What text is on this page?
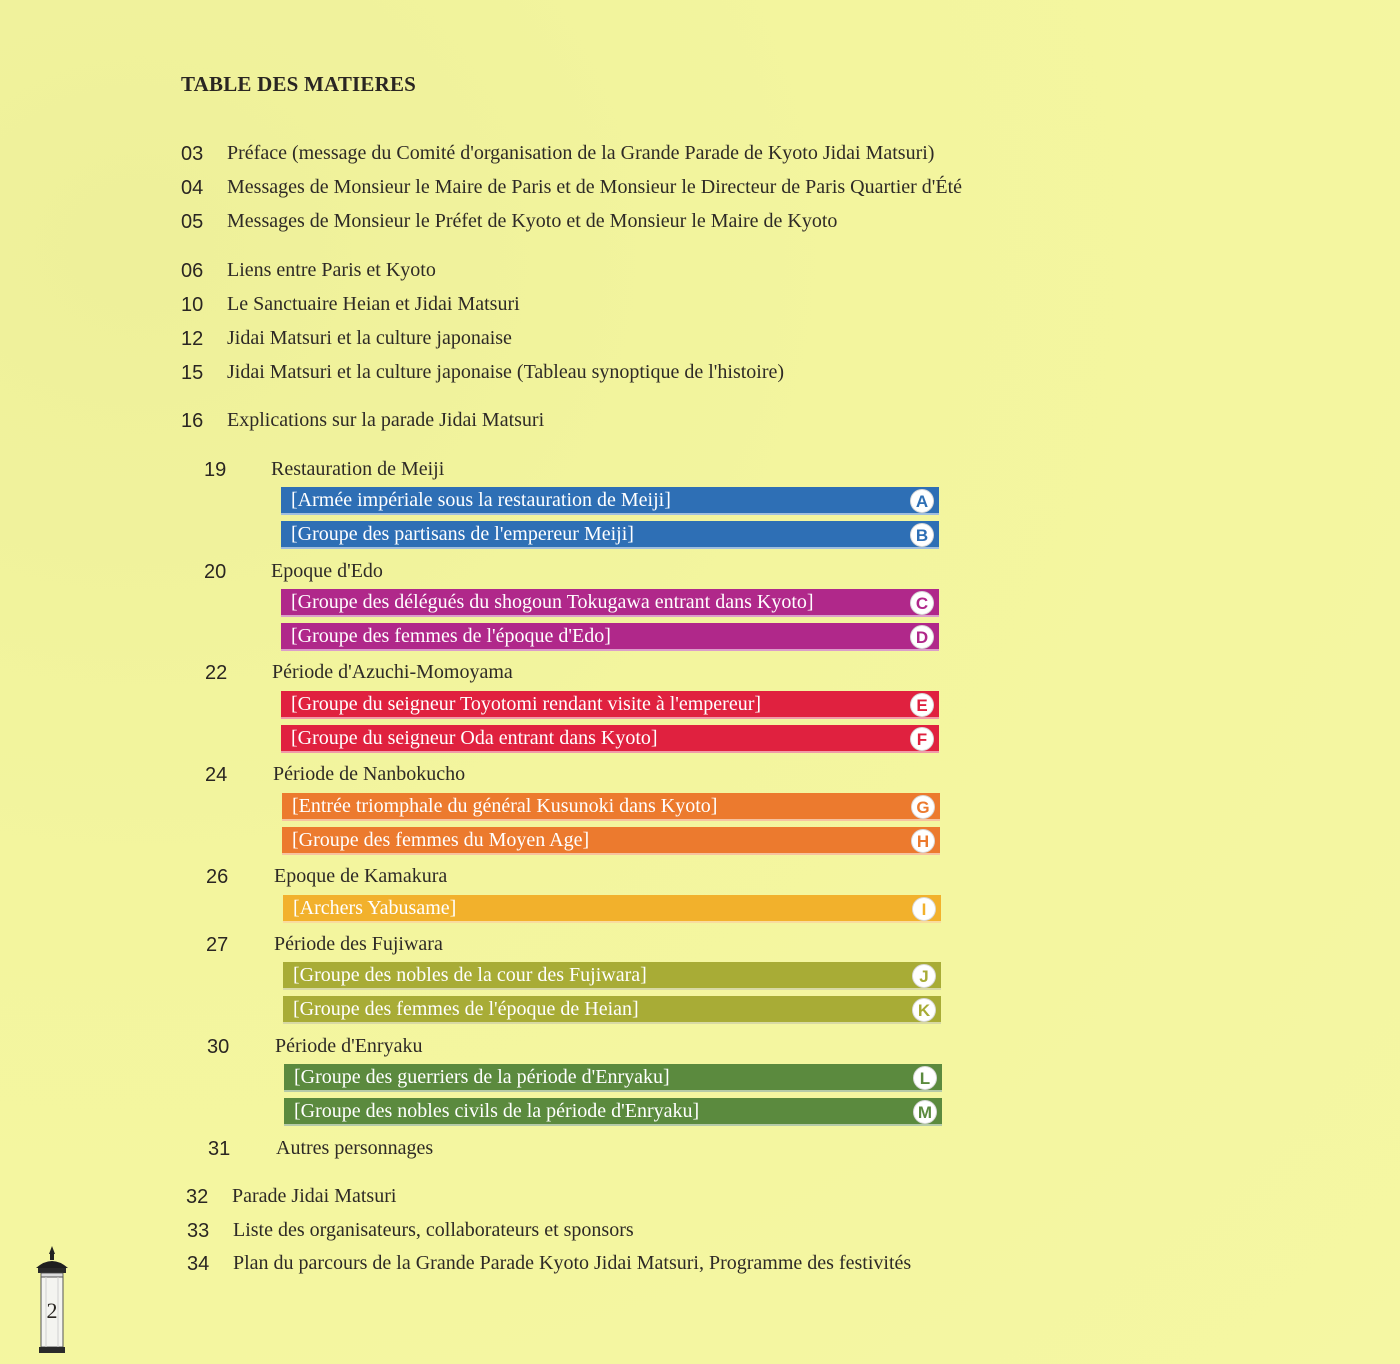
TABLE DES MATIERES
03 Préface (message du Comité d'organisation de la Grande Parade de Kyoto Jidai Matsuri)
04 Messages de Monsieur le Maire de Paris et de Monsieur le Directeur de Paris Quartier d'Été
05 Messages de Monsieur le Préfet de Kyoto et de Monsieur le Maire de Kyoto
06 Liens entre Paris et Kyoto
10 Le Sanctuaire Heian et Jidai Matsuri
12 Jidai Matsuri et la culture japonaise
15 Jidai Matsuri et la culture japonaise (Tableau synoptique de l'histoire)
16 Explications sur la parade Jidai Matsuri
19 Restauration de Meiji
[Armée impériale sous la restauration de Meiji]	A
[Groupe des partisans de l'empereur Meiji]	B
20 Epoque d'Edo
[Groupe des délégués du shogoun Tokugawa entrant dans Kyoto]	C
[Groupe des femmes de l'époque d'Edo]	D
22 Période d'Azuchi-Momoyama
[Groupe du seigneur Toyotomi rendant visite à l'empereur]	E
[Groupe du seigneur Oda entrant dans Kyoto]	F
24 Période de Nanbokucho
[Entrée triomphale du général Kusunoki dans Kyoto]	G
[Groupe des femmes du Moyen Age]	H
26 Epoque de Kamakura
[Archers Yabusame]	I
27 Période des Fujiwara
[Groupe des nobles de la cour des Fujiwara]	J
[Groupe des femmes de l'époque de Heian]	K
30 Période d'Enryaku
[Groupe des guerriers de la période d'Enryaku]	L
[Groupe des nobles civils de la période d'Enryaku]	M
31 Autres personnages
32 Parade Jidai Matsuri
33 Liste des organisateurs, collaborateurs et sponsors
34 Plan du parcours de la Grande Parade Kyoto Jidai Matsuri, Programme des festivités
2
